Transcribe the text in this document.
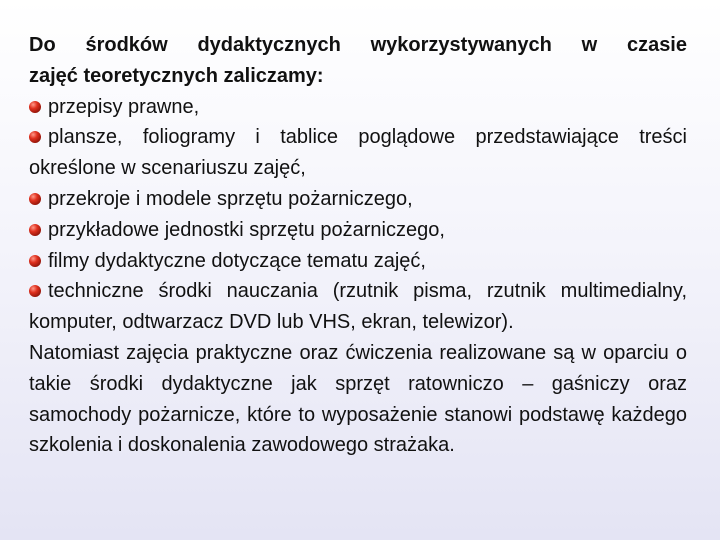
Do środków dydaktycznych wykorzystywanych w czasie
zajęć teoretycznych zaliczamy:

przepisy prawne,

plansze, foliogramy i tablice poglądowe przedstawiające treści określone w scenariuszu zajęć,

przekroje i modele sprzętu pożarniczego,

przykładowe jednostki sprzętu pożarniczego,

filmy dydaktyczne dotyczące tematu zajęć,

techniczne środki nauczania (rzutnik pisma, rzutnik multimedialny, komputer, odtwarzacz DVD lub VHS, ekran, telewizor).

Natomiast zajęcia praktyczne oraz ćwiczenia realizowane są w oparciu o takie środki dydaktyczne jak sprzęt ratowniczo – gaśniczy oraz samochody pożarnicze, które to wyposażenie stanowi podstawę każdego szkolenia i doskonalenia zawodowego strażaka.
